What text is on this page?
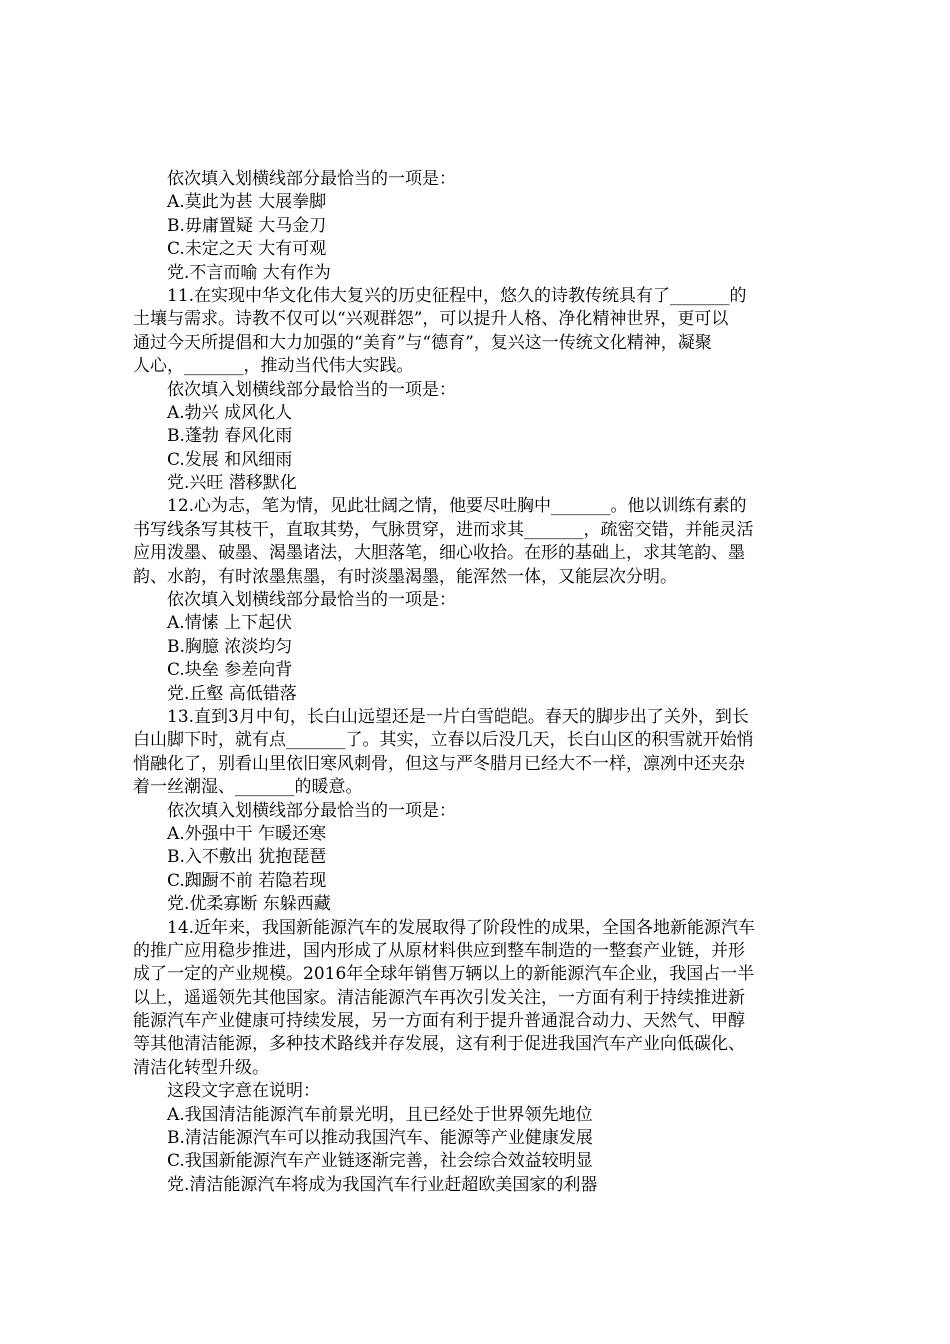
依次填入划横线部分最恰当的一项是：
A.莫此为甚 大展拳脚
B.毋庸置疑 大马金刀
C.未定之天 大有可观
党.不言而喻 大有作为
11.在实现中华文化伟大复兴的历史征程中，悠久的诗教传统具有了_______的
土壤与需求。诗教不仅可以“兴观群怨”，可以提升人格、净化精神世界，更可以
通过今天所提倡和大力加强的“美育”与“德育”，复兴这一传统文化精神，凝聚
人心，_______，推动当代伟大实践。
依次填入划横线部分最恰当的一项是：
A.勃兴 成风化人
B.蓬勃 春风化雨
C.发展 和风细雨
党.兴旺 潜移默化
12.心为志，笔为情，见此壮阔之情，他要尽吐胸中_______。他以训练有素的
书写线条写其枝干，直取其势，气脉贯穿，进而求其_______，疏密交错，并能灵活
应用泼墨、破墨、渴墨诸法，大胆落笔，细心收拾。在形的基础上，求其笔韵、墨
韵、水韵，有时浓墨焦墨，有时淡墨渴墨，能浑然一体，又能层次分明。
依次填入划横线部分最恰当的一项是：
A.情愫 上下起伏
B.胸臆 浓淡均匀
C.块垒 参差向背
党.丘壑 高低错落
13.直到3月中旬，长白山远望还是一片白雪皑皑。春天的脚步出了关外，到长
白山脚下时，就有点_______了。其实，立春以后没几天，长白山区的积雪就开始悄
悄融化了，别看山里依旧寒风刺骨，但这与严冬腊月已经大不一样，凛冽中还夹杂
着一丝潮湿、_______的暖意。
依次填入划横线部分最恰当的一项是：
A.外强中干 乍暖还寒
B.入不敷出 犹抱琵琶
C.踟蹰不前 若隐若现
党.优柔寡断 东躲西藏
14.近年来，我国新能源汽车的发展取得了阶段性的成果，全国各地新能源汽车
的推广应用稳步推进，国内形成了从原材料供应到整车制造的一整套产业链，并形
成了一定的产业规模。2016年全球年销售万辆以上的新能源汽车企业，我国占一半
以上，遥遥领先其他国家。清洁能源汽车再次引发关注，一方面有利于持续推进新
能源汽车产业健康可持续发展，另一方面有利于提升普通混合动力、天然气、甲醇
等其他清洁能源，多种技术路线并存发展，这有利于促进我国汽车产业向低碳化、
清洁化转型升级。
这段文字意在说明：
A.我国清洁能源汽车前景光明，且已经处于世界领先地位
B.清洁能源汽车可以推动我国汽车、能源等产业健康发展
C.我国新能源汽车产业链逐渐完善，社会综合效益较明显
党.清洁能源汽车将成为我国汽车行业赶超欧美国家的利器
